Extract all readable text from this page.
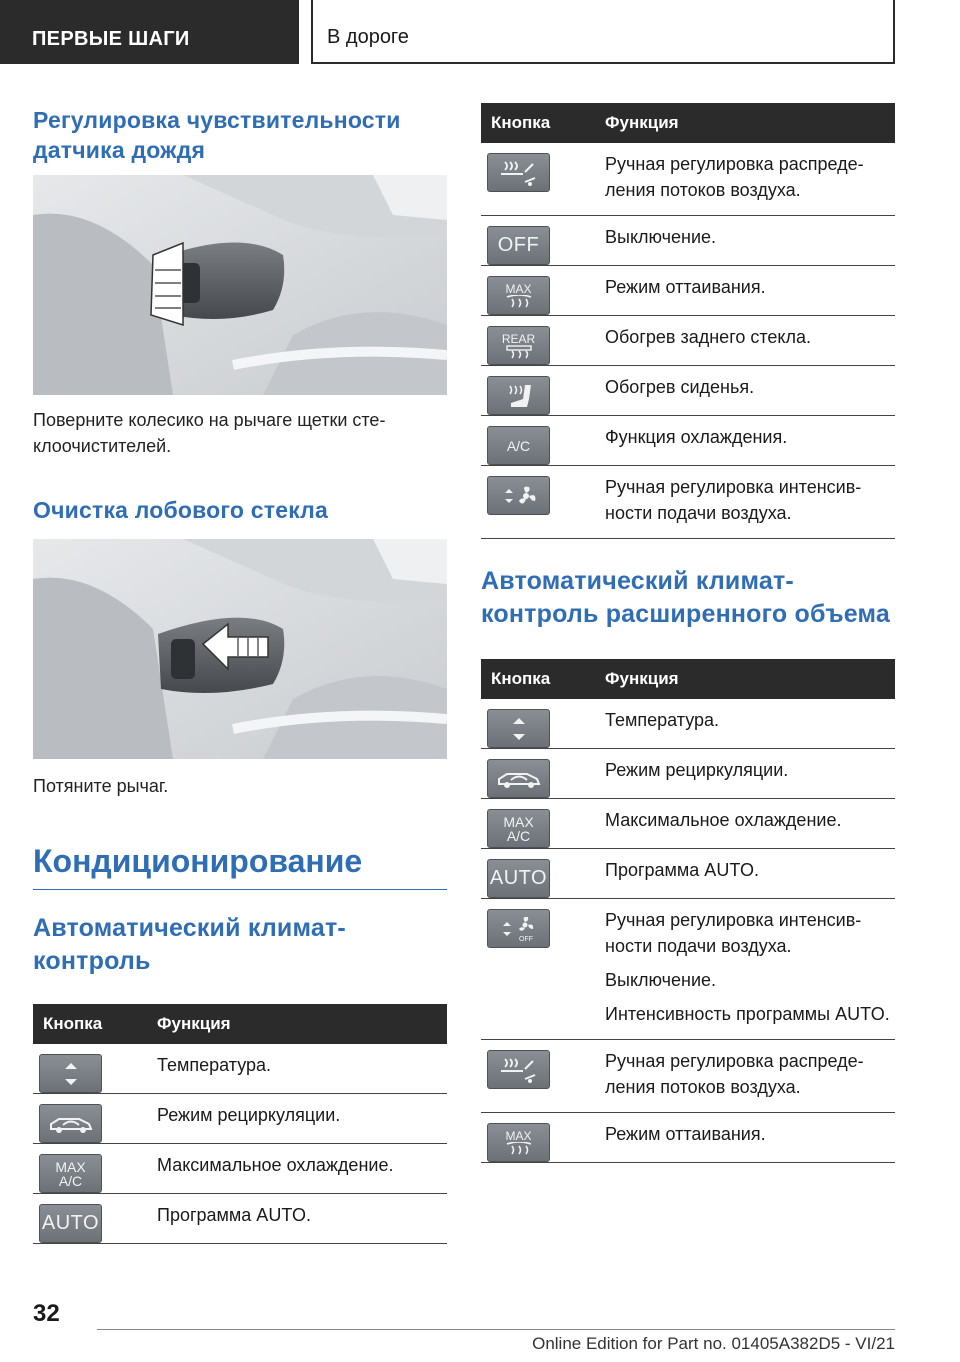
ПЕРВЫЕ ШАГИ	В дороге
Регулировка чувствительности датчика дождя

Поверните колесико на рычаге щетки сте-клоочистителей.

Очистка лобового стекла

Потяните рычаг.

Кондиционирование
Автоматический климат-контроль
Кнопка	Функция

	Температура.

	Режим рециркуляции.

MAX
A/C	Максимальное охлаждение.

AUTO	Программа AUTO.
Кнопка	Функция

	Ручная регулировка распреде-ления потоков воздуха.

OFF	Выключение.

MAX	Режим оттаивания.

REAR	Обогрев заднего стекла.

	Обогрев сиденья.

A/C	Функция охлаждения.

	Ручная регулировка интенсив-ности подачи воздуха.
Автоматический климат-контроль расширенного объема
Кнопка	Функция

	Температура.

	Режим рециркуляции.

MAX
A/C	Максимальное охлаждение.

AUTO	Программа AUTO.

OFF	Ручная регулировка интенсив-ности подачи воздуха.
Выключение.
Интенсивность программы AUTO.

	Ручная регулировка распреде-ления потоков воздуха.

MAX	Режим оттаивания.
32
Online Edition for Part no. 01405A382D5 - VI/21
